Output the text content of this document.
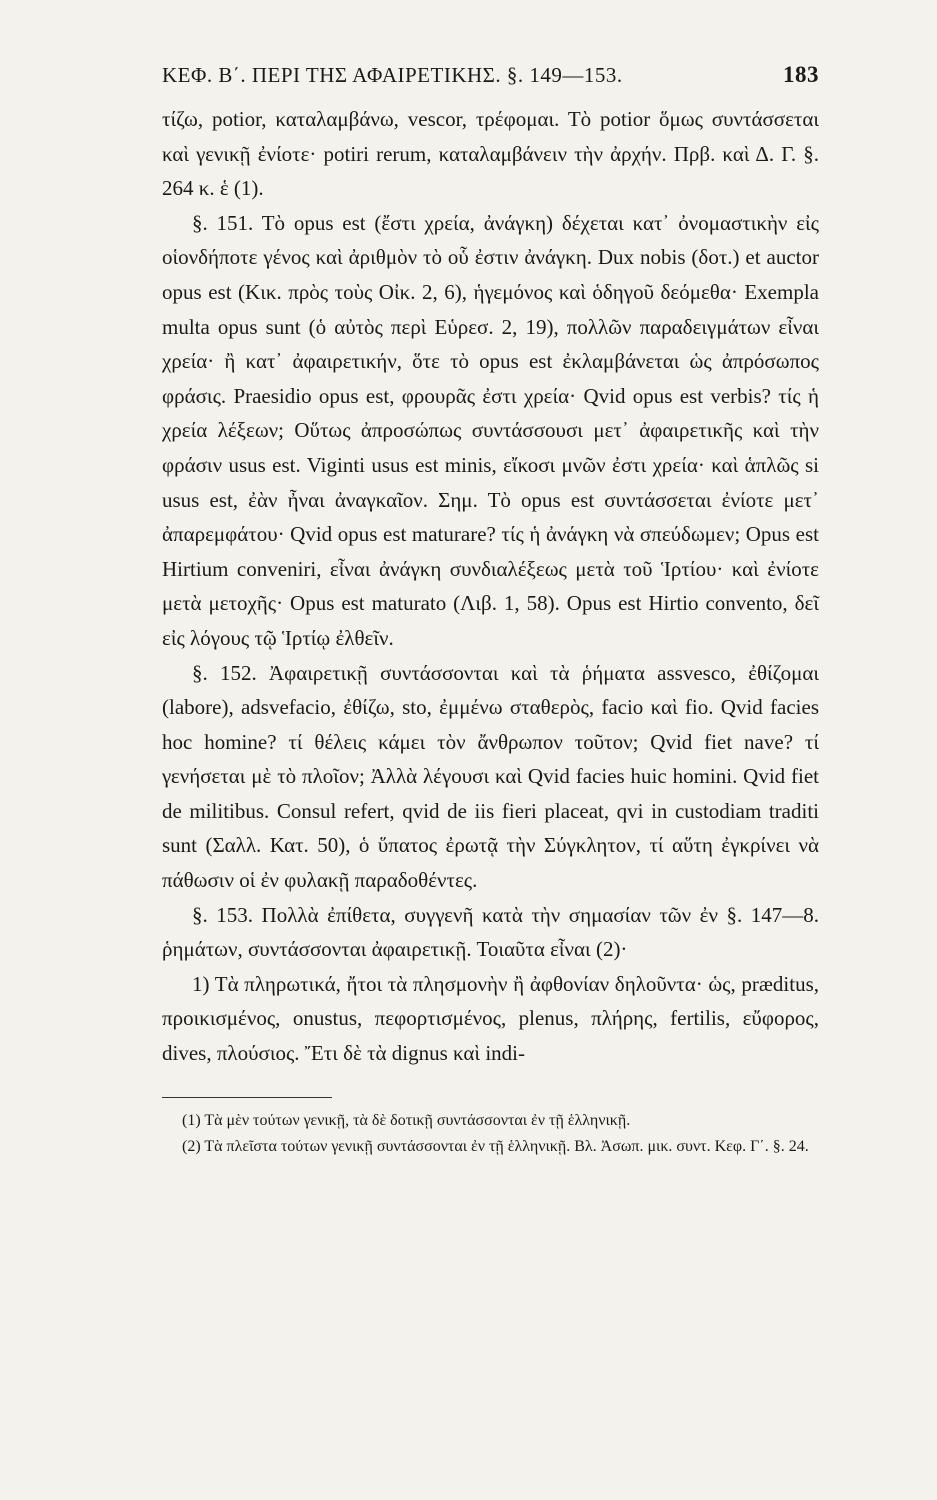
ΚΕΦ. Β΄. ΠΕΡΙ ΤΗΣ ΑΦΑΙΡΕΤΙΚΗΣ. §. 149—153.	183

τίζω, potior, καταλαμβάνω, vescor, τρέφομαι. Τὸ potior ὅμως συντάσσεται καὶ γενικῇ ἐνίοτε· potiri rerum, καταλαμβάνειν τὴν ἀρχήν. Πρβ. καὶ Δ. Γ. §. 264 κ. ἑ (1).

§. 151. Τὸ opus est (ἔστι χρεία, ἀνάγκη) δέχεται κατ᾽ ὀνομαστικὴν εἰς οἱονδήποτε γένος καὶ ἀριθμὸν τὸ οὗ ἐστιν ἀνάγκη. Dux nobis (δοτ.) et auctor opus est (Κικ. πρὸς τοὺς Οἰκ. 2, 6), ἡγεμόνος καὶ ὁδηγοῦ δεόμεθα· Exempla multa opus sunt (ὁ αὐτὸς περὶ Εὑρεσ. 2, 19), πολλῶν παραδειγμάτων εἶναι χρεία· ἢ κατ᾽ ἀφαιρετικήν, ὅτε τὸ opus est ἐκλαμβάνεται ὡς ἀπρόσωπος φράσις. Praesidio opus est, φρουρᾶς ἐστι χρεία· Qvid opus est verbis? τίς ἡ χρεία λέξεων; Οὕτως ἀπροσώπως συντάσσουσι μετ᾽ ἀφαιρετικῆς καὶ τὴν φράσιν usus est. Viginti usus est minis, εἴκοσι μνῶν ἐστι χρεία· καὶ ἁπλῶς si usus est, ἐὰν ἦναι ἀναγκαῖον. Σημ. Τὸ opus est συντάσσεται ἐνίοτε μετ᾽ ἀπαρεμφάτου· Qvid opus est maturare? τίς ἡ ἀνάγκη νὰ σπεύδωμεν; Opus est Hirtium conveniri, εἶναι ἀνάγκη συνδιαλέξεως μετὰ τοῦ Ἱρτίου· καὶ ἐνίοτε μετὰ μετοχῆς· Opus est maturato (Λιβ. 1, 58). Opus est Hirtio convento, δεῖ εἰς λόγους τῷ Ἱρτίῳ ἐλθεῖν.

§. 152. Ἀφαιρετικῇ συντάσσονται καὶ τὰ ῥήματα assvesco, ἐθίζομαι (labore), adsvefacio, ἐθίζω, sto, ἐμμένω σταθερὸς, facio καὶ fio. Qvid facies hoc homine? τί θέλεις κάμει τὸν ἄνθρωπον τοῦτον; Qvid fiet nave? τί γενήσεται μὲ τὸ πλοῖον; Ἀλλὰ λέγουσι καὶ Qvid facies huic homini. Qvid fiet de militibus. Consul refert, qvid de iis fieri placeat, qvi in custodiam traditi sunt (Σαλλ. Κατ. 50), ὁ ὕπατος ἐρωτᾷ τὴν Σύγκλητον, τί αὕτη ἐγκρίνει νὰ πάθωσιν οἱ ἐν φυλακῇ παραδοθέντες.

§. 153. Πολλὰ ἐπίθετα, συγγενῆ κατὰ τὴν σημασίαν τῶν ἐν §. 147—8. ῥημάτων, συντάσσονται ἀφαιρετικῇ. Τοιαῦτα εἶναι (2)·

1) Τὰ πληρωτικά, ἤτοι τὰ πλησμονὴν ἢ ἀφθονίαν δηλοῦντα· ὡς, præditus, προικισμένος, onustus, πεφορτισμένος, plenus, πλήρης, fertilis, εὔφορος, dives, πλούσιος. Ἔτι δὲ τὰ dignus καὶ indi-

(1) Τὰ μὲν τούτων γενικῇ, τὰ δὲ δοτικῇ συντάσσονται ἐν τῇ ἑλληνικῇ.

(2) Τὰ πλεῖστα τούτων γενικῇ συντάσσονται ἐν τῇ ἑλληνικῇ. Βλ. Ἀσωπ. μικ. συντ. Κεφ. Γ΄. §. 24.
